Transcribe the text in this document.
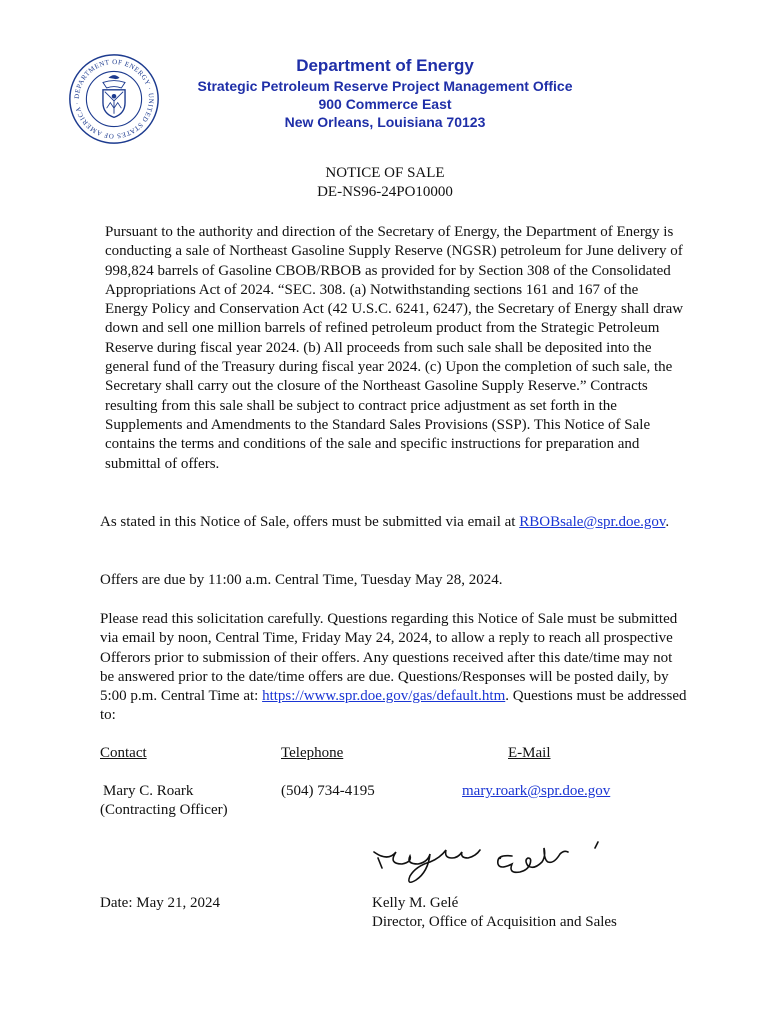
DEPARTMENT OF ENERGY · UNITED STATES OF AMERICA ·
Department of Energy
Strategic Petroleum Reserve Project Management Office
900 Commerce East
New Orleans, Louisiana 70123
NOTICE OF SALE
DE-NS96-24PO10000

Pursuant to the authority and direction of the Secretary of Energy, the Department of Energy is conducting a sale of Northeast Gasoline Supply Reserve (NGSR) petroleum for June delivery of 998,824 barrels of Gasoline CBOB/RBOB as provided for by Section 308 of the Consolidated Appropriations Act of 2024. “SEC. 308. (a) Notwithstanding sections 161 and 167 of the Energy Policy and Conservation Act (42 U.S.C. 6241, 6247), the Secretary of Energy shall draw down and sell one million barrels of refined petroleum product from the Strategic Petroleum Reserve during fiscal year 2024. (b) All proceeds from such sale shall be deposited into the general fund of the Treasury during fiscal year 2024. (c) Upon the completion of such sale, the Secretary shall carry out the closure of the Northeast Gasoline Supply Reserve.” Contracts resulting from this sale shall be subject to contract price adjustment as set forth in the Supplements and Amendments to the Standard Sales Provisions (SSP). This Notice of Sale contains the terms and conditions of the sale and specific instructions for preparation and submittal of offers.

As stated in this Notice of Sale, offers must be submitted via email at RBOBsale@spr.doe.gov.

Offers are due by 11:00 a.m. Central Time, Tuesday May 28, 2024.

Please read this solicitation carefully. Questions regarding this Notice of Sale must be submitted via email by noon, Central Time, Friday May 24, 2024, to allow a reply to reach all prospective Offerors prior to submission of their offers. Any questions received after this date/time may not be answered prior to the date/time offers are due. Questions/Responses will be posted daily, by 5:00 p.m. Central Time at: https://www.spr.doe.gov/gas/default.htm. Questions must be addressed to:

Contact	Telephone	E-Mail
Mary C. Roark
(Contracting Officer)
(504) 734-4195	mary.roark@spr.doe.gov
Date: May 21, 2024	Kelly M. Gelé
Director, Office of Acquisition and Sales
